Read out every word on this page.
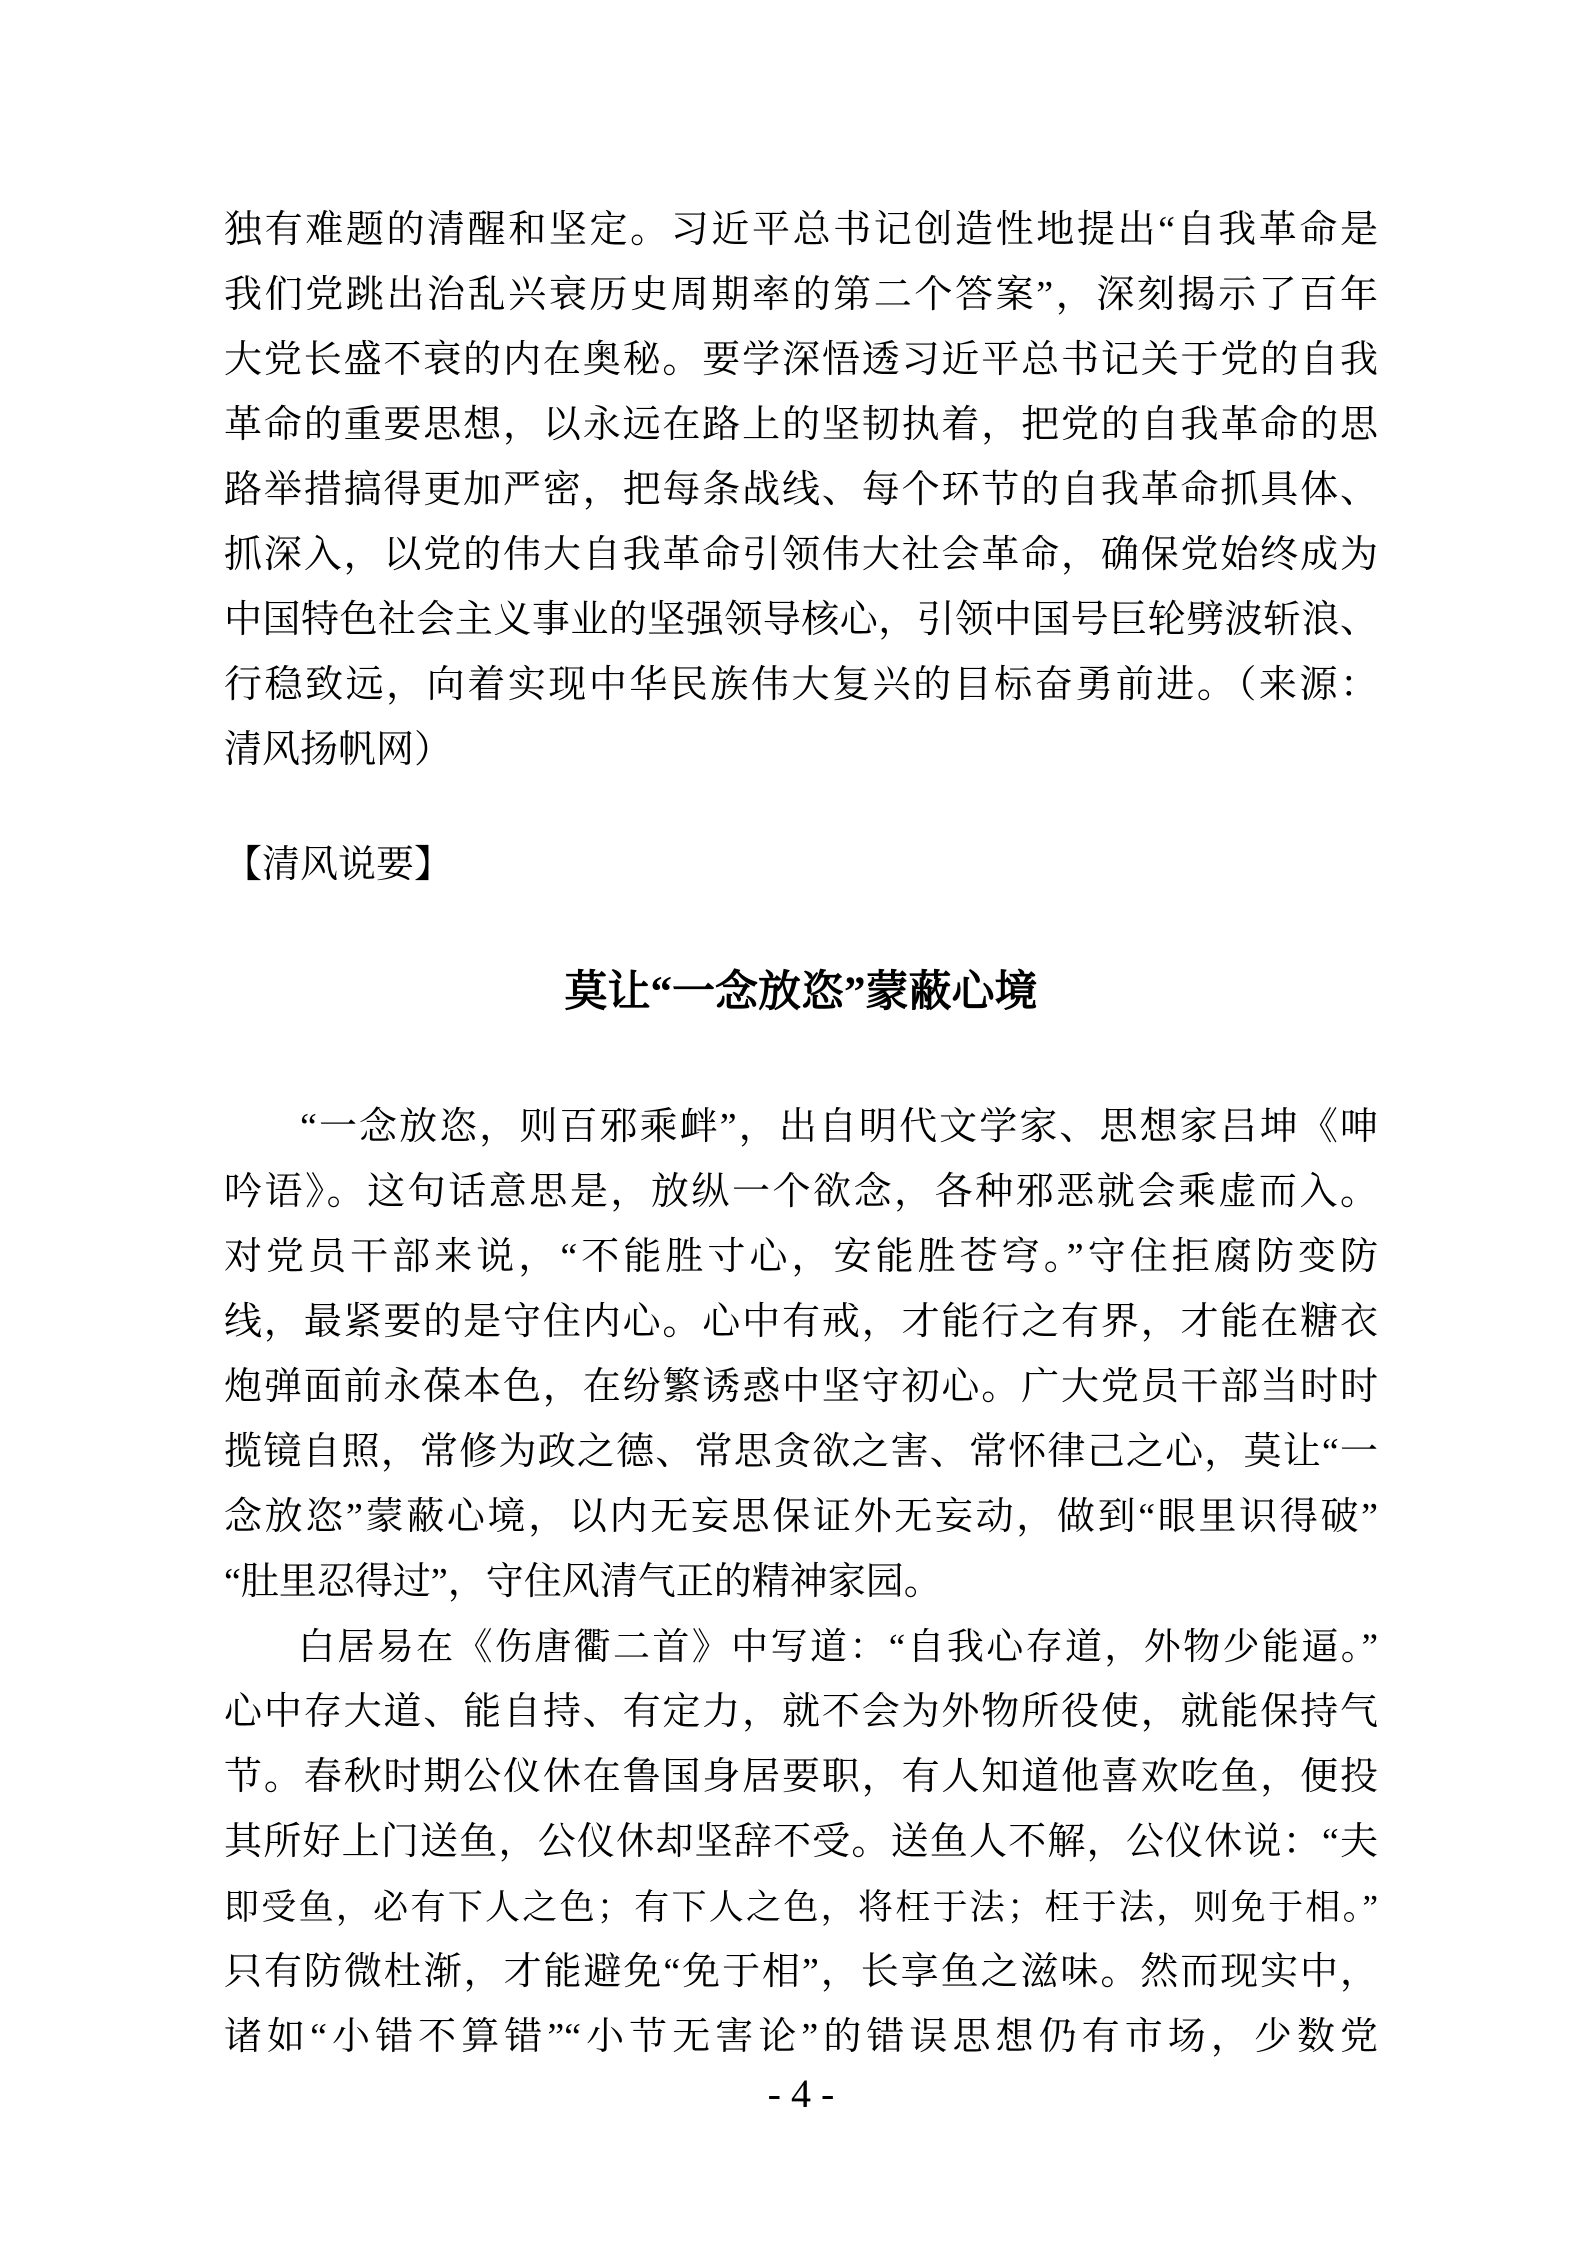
独有难题的清醒和坚定。习近平总书记创造性地提出“自我革命是
我们党跳出治乱兴衰历史周期率的第二个答案”，深刻揭示了百年
大党长盛不衰的内在奥秘。要学深悟透习近平总书记关于党的自我
革命的重要思想，以永远在路上的坚韧执着，把党的自我革命的思
路举措搞得更加严密，把每条战线、每个环节的自我革命抓具体、
抓深入，以党的伟大自我革命引领伟大社会革命，确保党始终成为
中国特色社会主义事业的坚强领导核心，引领中国号巨轮劈波斩浪、
行稳致远，向着实现中华民族伟大复兴的目标奋勇前进。（来源：
清风扬帆网）
【清风说要】
莫让“一念放恣”蒙蔽心境
“一念放恣，则百邪乘衅”，出自明代文学家、思想家吕坤《呻
吟语》。这句话意思是，放纵一个欲念，各种邪恶就会乘虚而入。
对党员干部来说，“不能胜寸心，安能胜苍穹。”守住拒腐防变防
线，最紧要的是守住内心。心中有戒，才能行之有界，才能在糖衣
炮弹面前永葆本色，在纷繁诱惑中坚守初心。广大党员干部当时时
揽镜自照，常修为政之德、常思贪欲之害、常怀律己之心，莫让“一
念放恣”蒙蔽心境，以内无妄思保证外无妄动，做到“眼里识得破”
“肚里忍得过”，守住风清气正的精神家园。
白居易在《伤唐衢二首》中写道：“自我心存道，外物少能逼。”
心中存大道、能自持、有定力，就不会为外物所役使，就能保持气
节。春秋时期公仪休在鲁国身居要职，有人知道他喜欢吃鱼，便投
其所好上门送鱼，公仪休却坚辞不受。送鱼人不解，公仪休说：“夫
即受鱼，必有下人之色；有下人之色，将枉于法；枉于法，则免于相。”
只有防微杜渐，才能避免“免于相”，长享鱼之滋味。然而现实中，
诸如“小错不算错”“小节无害论”的错误思想仍有市场，少数党
- 4 -
